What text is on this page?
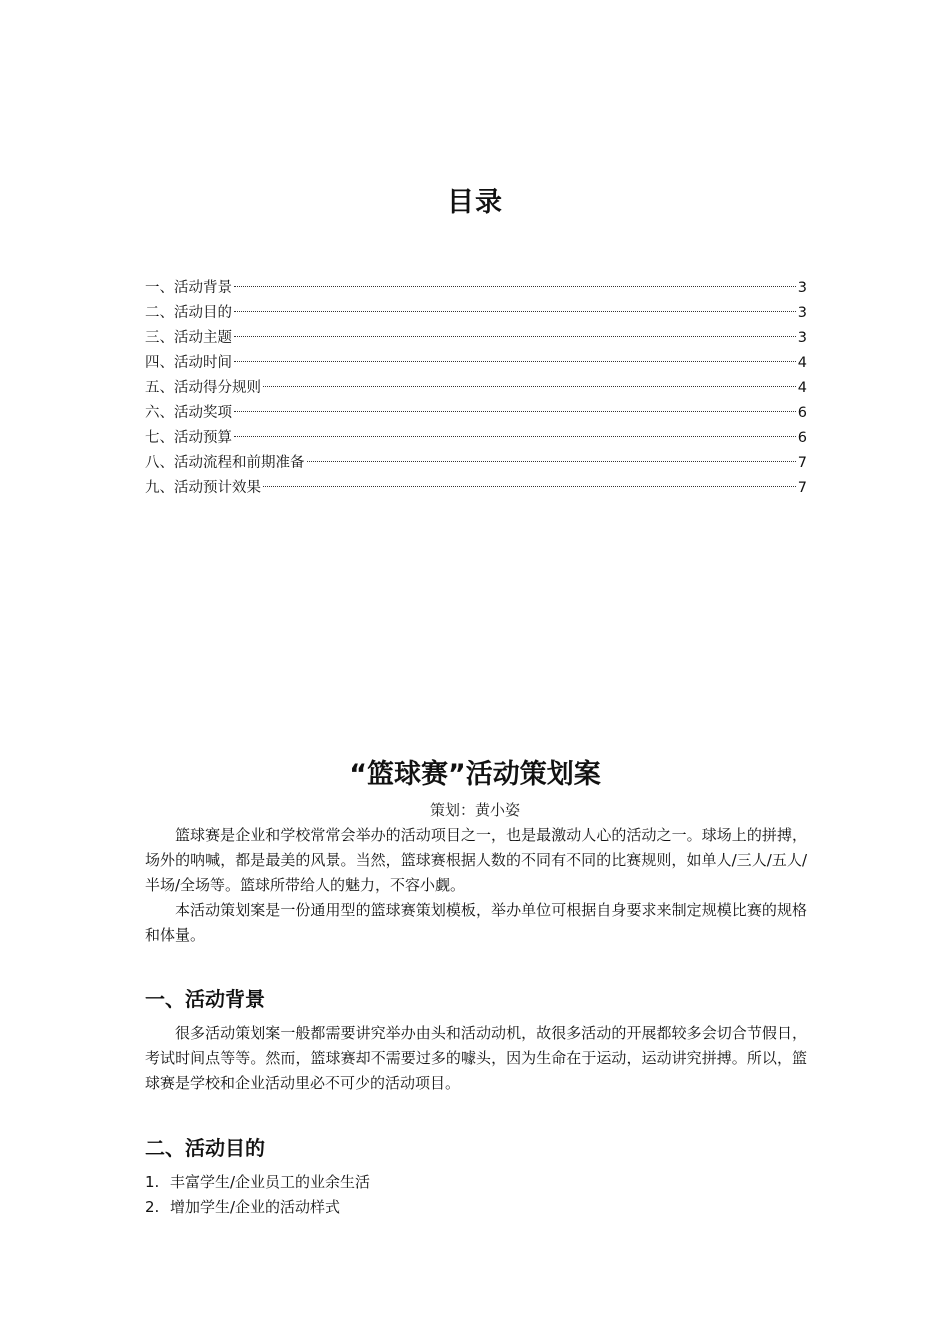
目录
一、活动背景	3
二、活动目的	3
三、活动主题	3
四、活动时间	4
五、活动得分规则	4
六、活动奖项	6
七、活动预算	6
八、活动流程和前期准备	7
九、活动预计效果	7
“篮球赛”活动策划案
策划：黄小姿

篮球赛是企业和学校常常会举办的活动项目之一，也是最激动人心的活动之一。球场上的拼搏，场外的呐喊，都是最美的风景。当然，篮球赛根据人数的不同有不同的比赛规则，如单人/三人/五人/半场/全场等。篮球所带给人的魅力，不容小觑。

本活动策划案是一份通用型的篮球赛策划模板，举办单位可根据自身要求来制定规模比赛的规格和体量。

一、活动背景

很多活动策划案一般都需要讲究举办由头和活动动机，故很多活动的开展都较多会切合节假日，考试时间点等等。然而，篮球赛却不需要过多的噱头，因为生命在于运动，运动讲究拼搏。所以，篮球赛是学校和企业活动里必不可少的活动项目。

二、活动目的
1. 丰富学生/企业员工的业余生活
2. 增加学生/企业的活动样式
